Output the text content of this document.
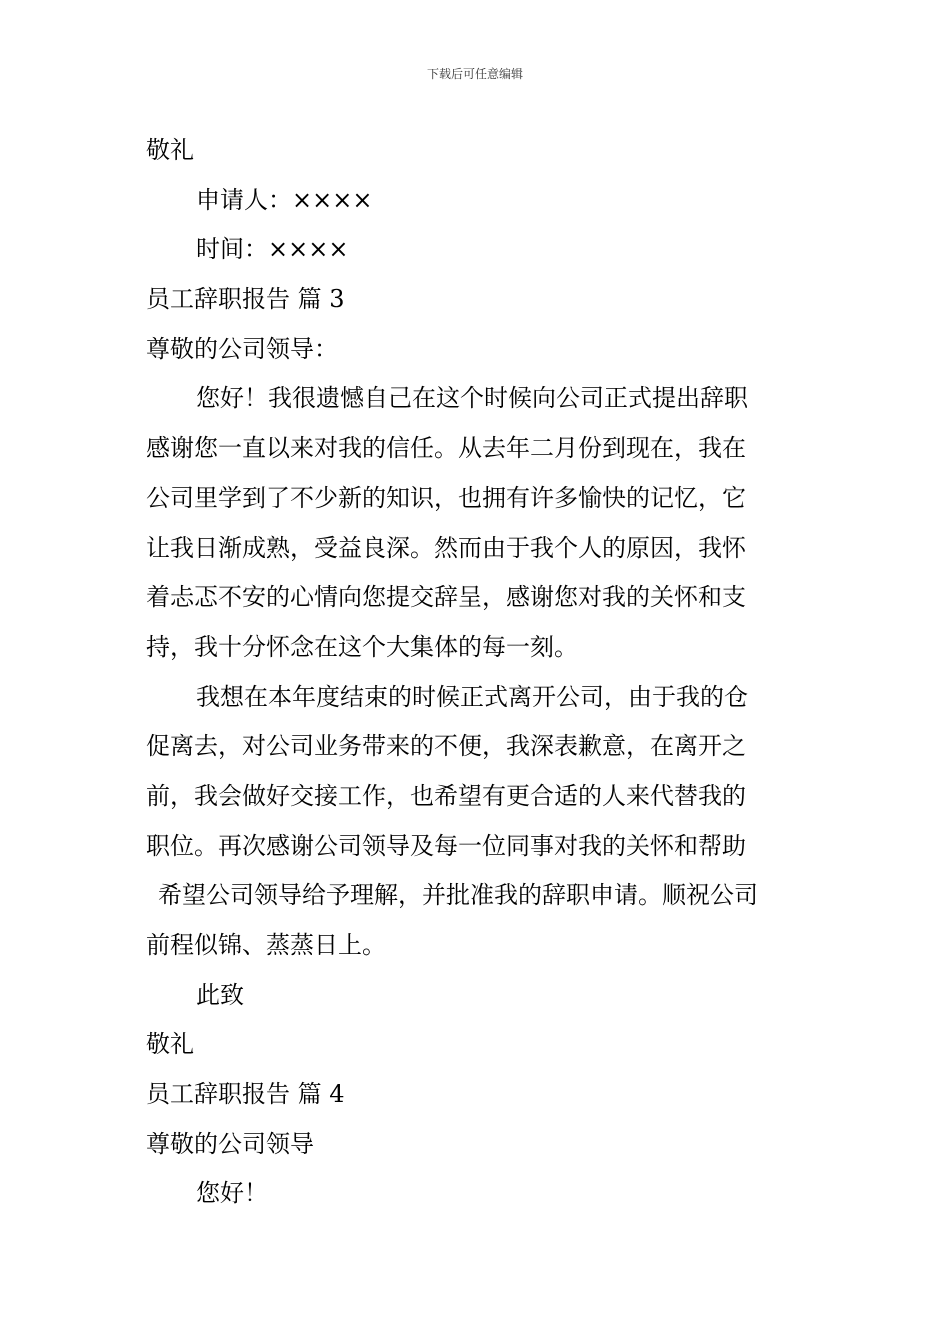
下载后可任意编辑
敬礼
申请人：××××
时间：××××
员工辞职报告 篇 3
尊敬的公司领导：
您好！我很遗憾自己在这个时候向公司正式提出辞职
感谢您一直以来对我的信任。从去年二月份到现在，我在
公司里学到了不少新的知识，也拥有许多愉快的记忆，它
让我日渐成熟，受益良深。然而由于我个人的原因，我怀
着忐忑不安的心情向您提交辞呈，感谢您对我的关怀和支
持，我十分怀念在这个大集体的每一刻。
我想在本年度结束的时候正式离开公司，由于我的仓
促离去，对公司业务带来的不便，我深表歉意，在离开之
前，我会做好交接工作，也希望有更合适的人来代替我的
职位。再次感谢公司领导及每一位同事对我的关怀和帮助
希望公司领导给予理解，并批准我的辞职申请。顺祝公司
前程似锦、蒸蒸日上。
此致
敬礼
员工辞职报告 篇 4
尊敬的公司领导
您好！
